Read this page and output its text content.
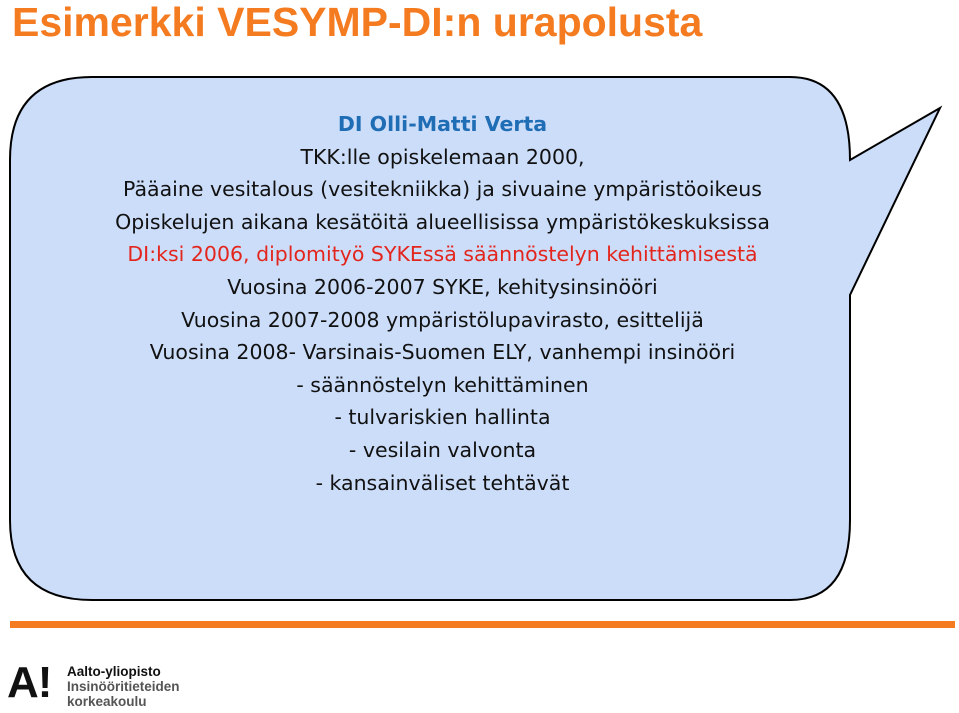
Esimerkki VESYMP-DI:n urapolusta
DI Olli-Matti Verta
TKK:lle opiskelemaan 2000,
Pääaine vesitalous (vesitekniikka) ja sivuaine ympäristöoikeus
Opiskelujen aikana kesätöitä alueellisissa ympäristökeskuksissa
DI:ksi 2006, diplomityö SYKEssä säännöstelyn kehittämisestä
Vuosina 2006-2007 SYKE, kehitysinsinööri
Vuosina 2007-2008 ympäristölupavirasto, esittelijä
Vuosina 2008- Varsinais-Suomen ELY, vanhempi insinööri
- säännöstelyn kehittäminen
- tulvariskien hallinta
- vesilain valvonta
- kansainväliset tehtävät
A! Aalto-yliopisto
Insinööritieteiden
korkeakoulu
